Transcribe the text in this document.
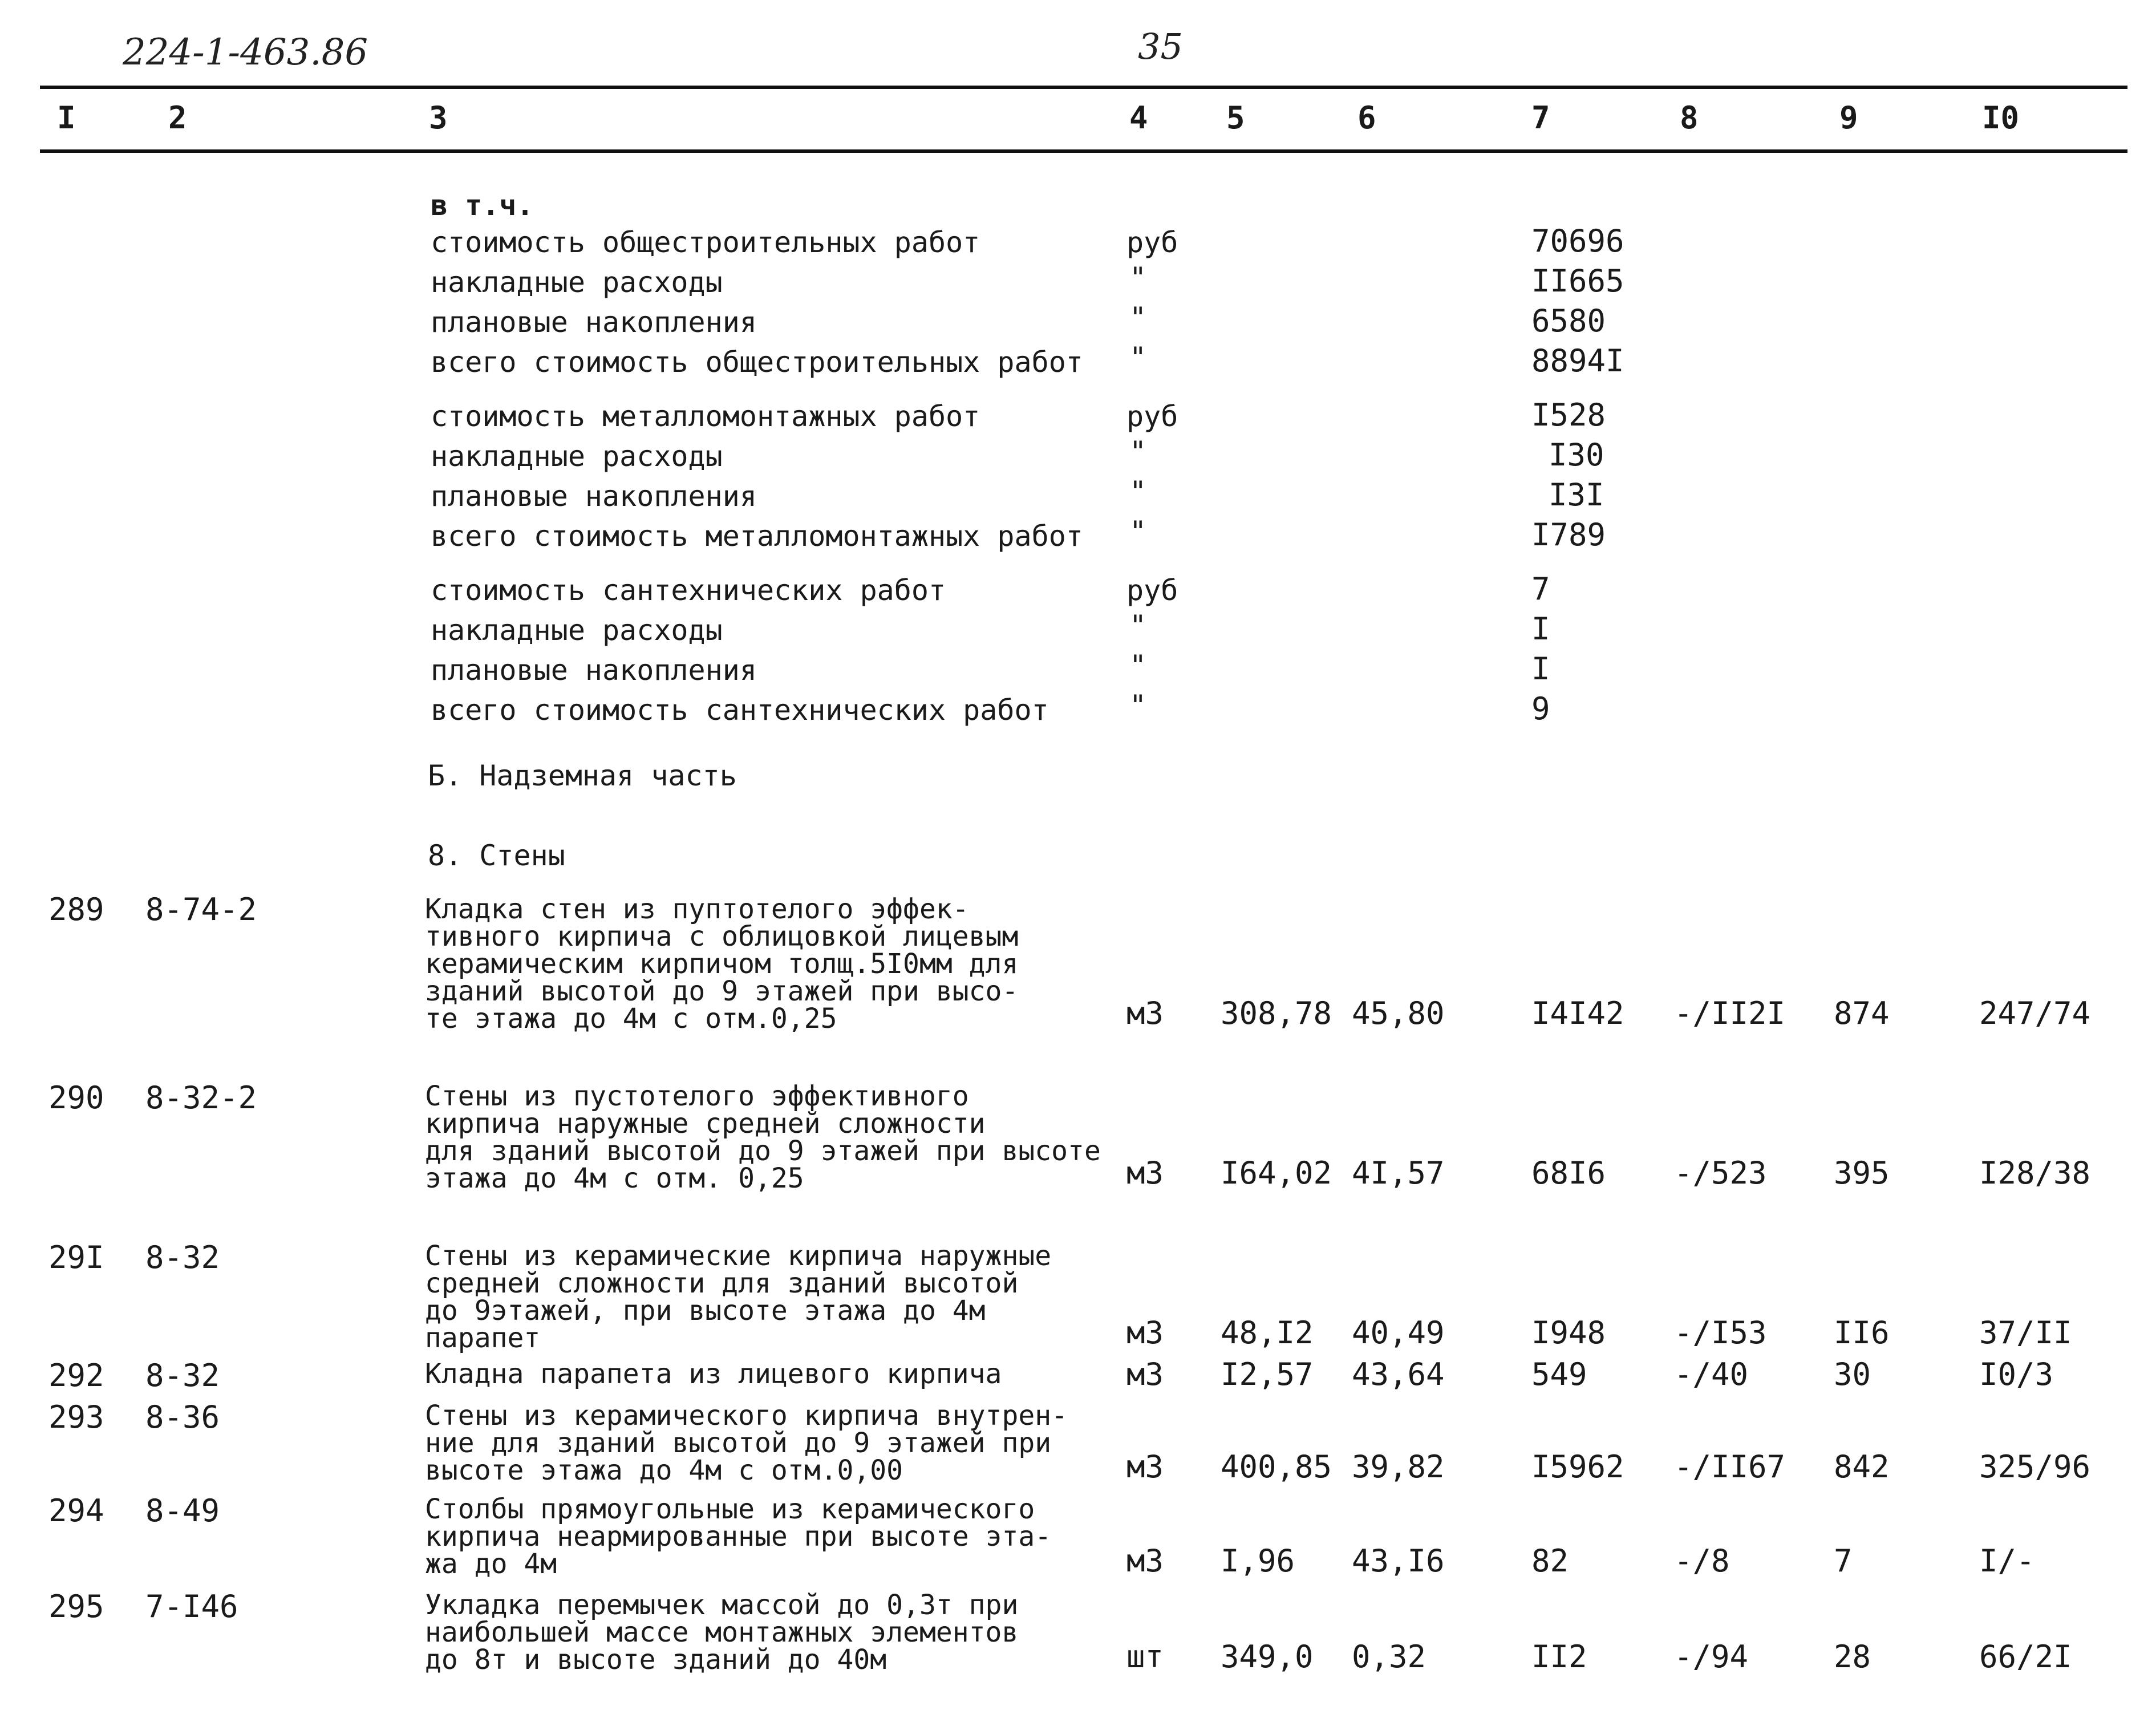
224-1-463.86	35
I	2	3	4	5	6	7	8	9	I0
в т.ч.
стоимость общестроительных работ	руб	70696
накладные расходы	"	II665
плановые накопления	"	6580
всего стоимость общестроительных работ "	8894I
стоимость металломонтажных работ	руб	I528
накладные расходы	"	I30
плановые накопления	"	I3I
всего стоимость металломонтажных работ "	I789
стоимость сантехнических работ	руб	7
накладные расходы	"	I
плановые накопления	"	I
всего стоимость сантехнических работ	"	9
Б. Надземная часть
8. Стены
289 8-74-2	Кладка стен из пуптотелого эффек-
тивного кирпича с облицовкой лицевым
керамическим кирпичом толщ.5I0мм для
зданий высотой до 9 этажей при высо-
те этажа до 4м с отм.0,25	м3 308,78 45,80	I4I42 -/II2I 874	247/74
290 8-32-2	Стены из пустотелого эффективного
кирпича наружные средней сложности
для зданий высотой до 9 этажей при высоте
этажа до 4м с отм. 0,25	м3 I64,02 4I,57	68I6 -/523 395	I28/38
29I 8-32	Стены из керамические кирпича наружные
средней сложности для зданий высотой
до 9этажей, при высоте этажа до 4м
парапет	м3 48,I2 40,49	I948 -/I53 II6	37/II
292 8-32	Кладна парапета из лицевого кирпича	м3 I2,57 43,64	549	-/40	30	I0/3
293 8-36	Стены из керамического кирпича внутрен-
ние для зданий высотой до 9 этажей при
высоте этажа до 4м с отм.0,00	м3 400,85 39,82	I5962 -/II67 842	325/96
294 8-49	Столбы прямоугольные из керамического
кирпича неармированные при высоте эта-
жа до 4м	м3 I,96 43,I6	82	-/8	7	I/-
295 7-I46	Укладка перемычек массой до 0,3т при
наибольшей массе монтажных элементов
до 8т и высоте зданий до 40м	шт 349,0 0,32	II2	-/94	28	66/2I
